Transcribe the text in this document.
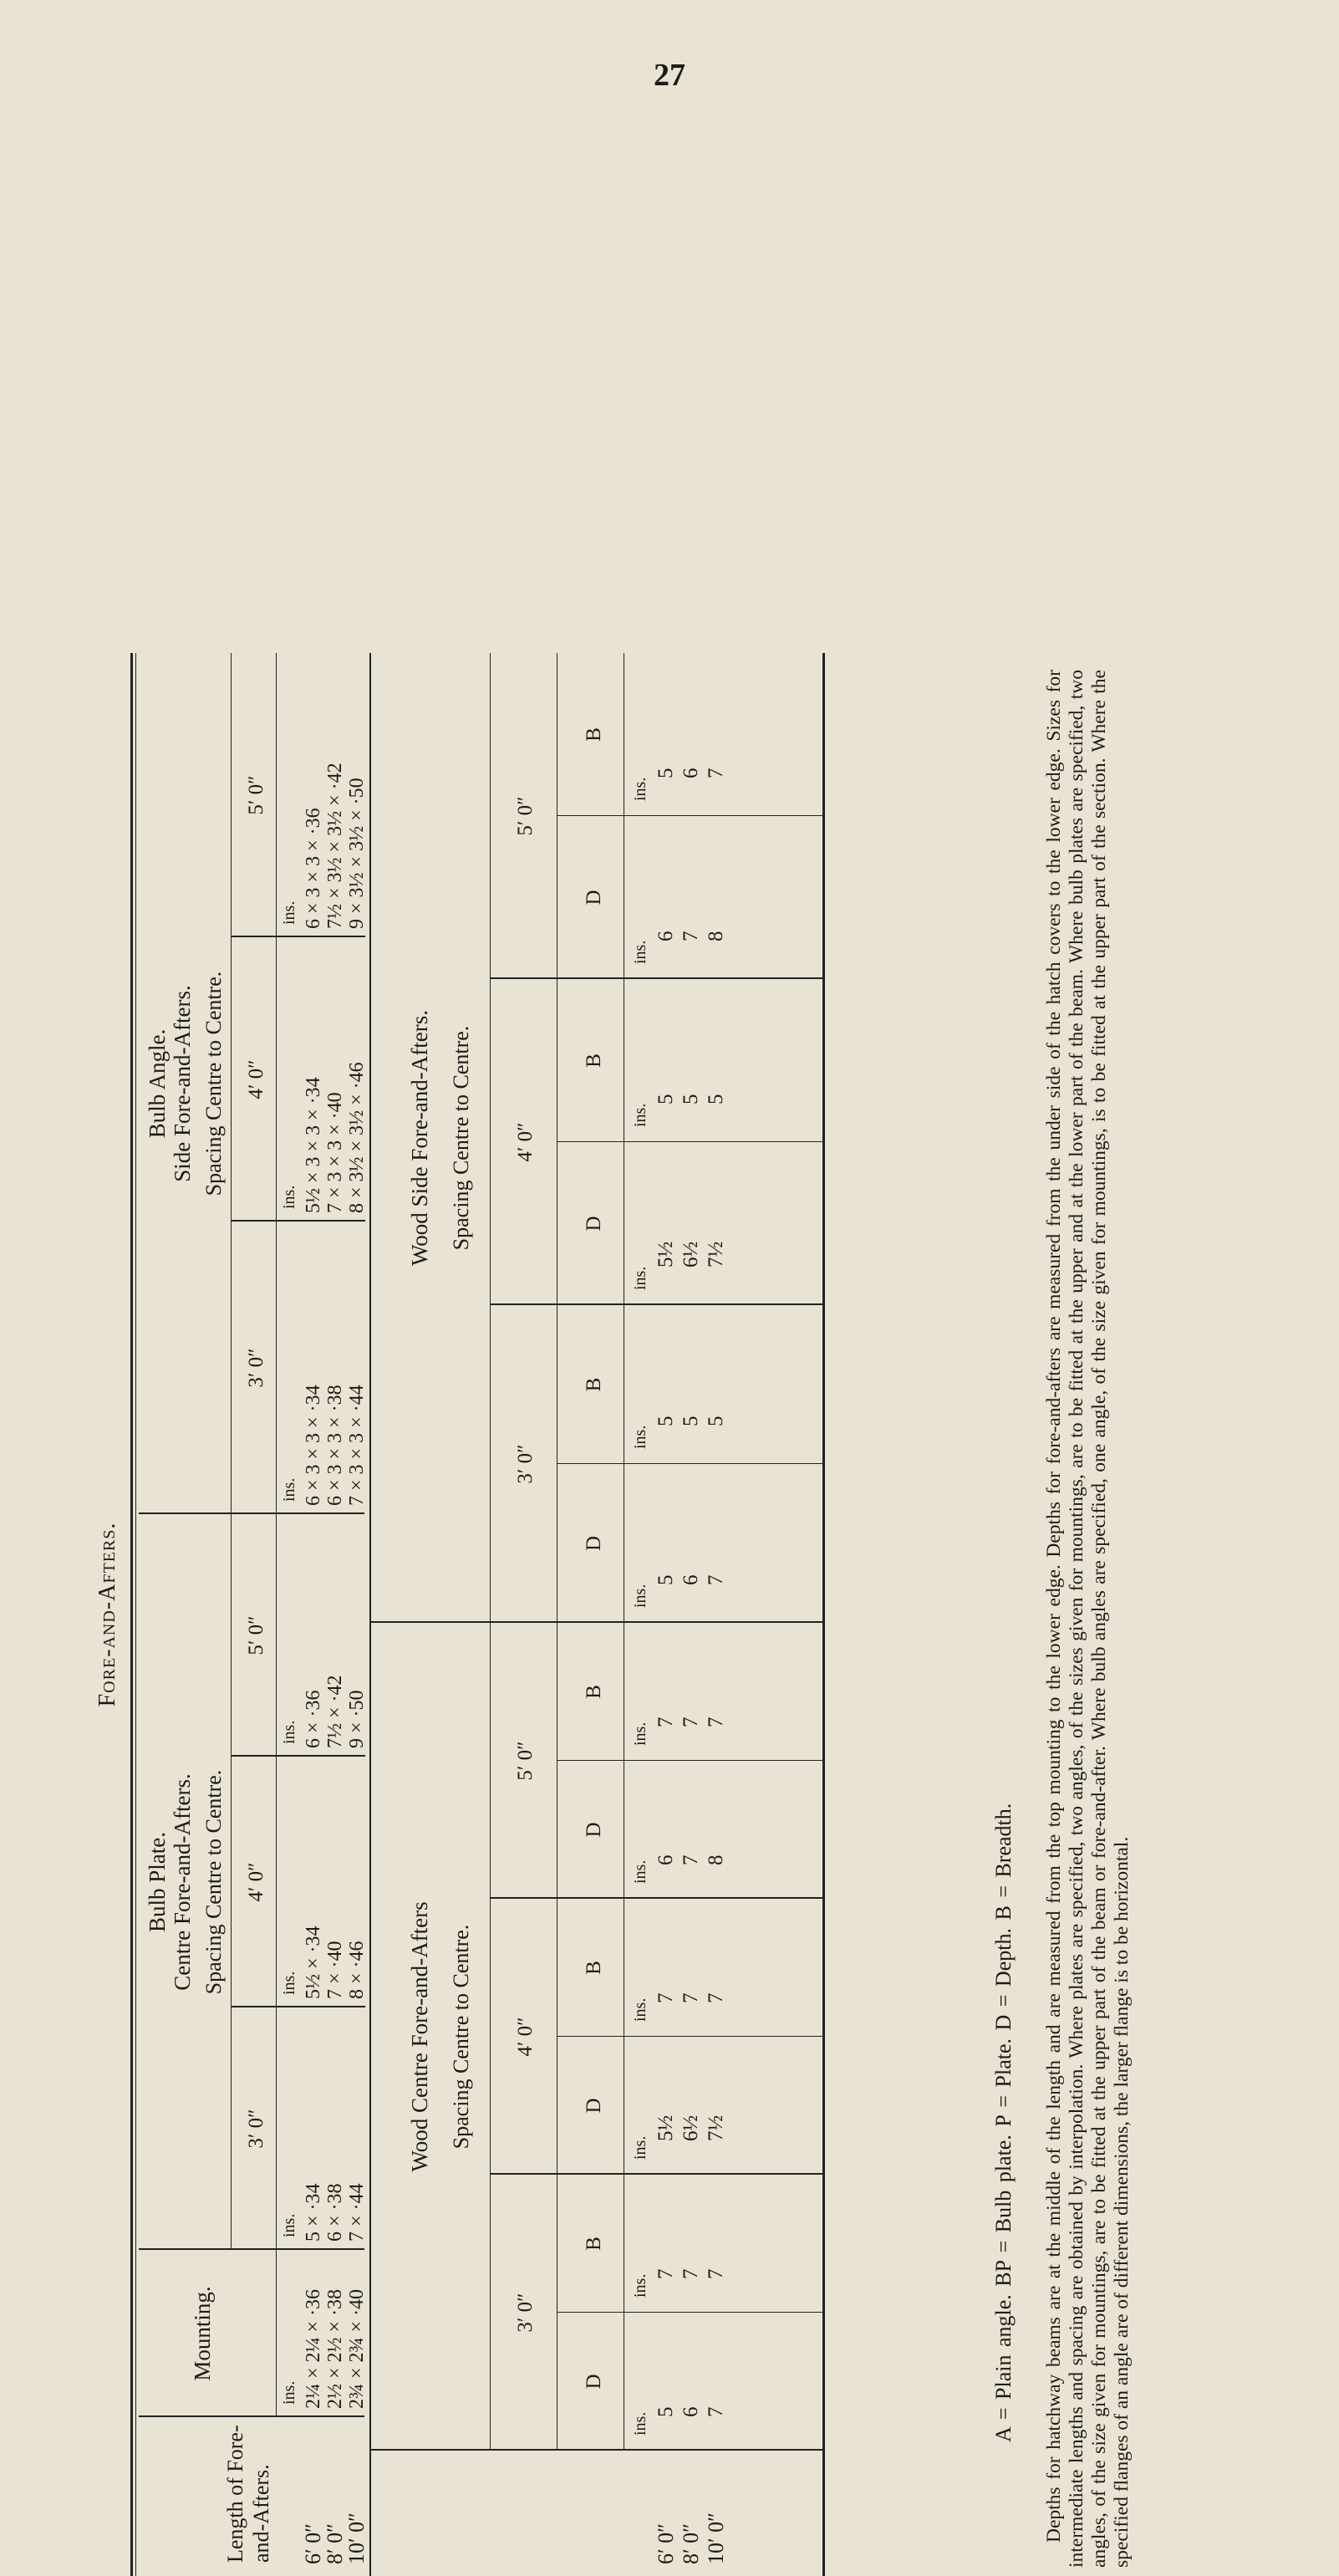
27
Fore-and-Afters.
Length of Fore-and-Afters.
Mounting.
Bulb Plate. Centre Fore-and-Afters. Spacing Centre to Centre.
Bulb Angle. Side Fore-and-Afters. Spacing Centre to Centre.
3′ 0″
4′ 0″
5′ 0″
3′ 0″
4′ 0″
5′ 0″
ins.
ins.
ins.
ins.
ins.
ins.
ins.
6′ 0″
8′ 0″
10′ 0″
2¼ × 2¼ × ·36 2½ × 2½ × ·38 2¾ × 2¾ × ·40
5 × ·34 6 × ·38 7 × ·44
5½ × ·34 7 × ·40 8 × ·46
6 × ·36 7½ × ·42 9 × ·50
6 × 3 × 3 × ·34 6 × 3 × 3 × ·38 7 × 3 × 3 × ·44
5½ × 3 × 3 × ·34 7 × 3 × 3 × ·40 8 × 3½ × 3½ × ·46
6 × 3 × 3 × ·36 7½ × 3½ × 3½ × ·42 9 × 3½ × 3½ × ·50
Wood Centre Fore-and-Afters
Wood Side Fore-and-Afters.
Spacing Centre to Centre.
Spacing Centre to Centre.
3′ 0″
4′ 0″
5′ 0″
3′ 0″
4′ 0″
5′ 0″
D
B
D
B
D
B
D
B
D
B
D
B
ins.
ins.
ins.
ins.
ins.
ins.
ins.
ins.
ins.
ins.
ins.
ins.
6′ 0″ 8′ 0″ 10′ 0″
5 6 7
7 7 7
5½ 6½ 7½
7 7 7
6 7 8
7 7 7
5 6 7
5 5 5
5½ 6½ 7½
5 5 5
6 7 8
5 6 7
A = Plain angle. BP = Bulb plate. P = Plate. D = Depth. B = Breadth. Depths for hatchway beams are at the middle of the length and are measured from the top mounting to the lower edge. Depths for fore-and-afters are measured from the under side of the hatch covers to the lower edge. Sizes for intermediate lengths and spacing are obtained by interpolation. Where plates are specified, two angles, of the sizes given for mountings, are to be fitted at the upper and at the lower part of the beam. Where bulb plates are specified, two angles, of the size given for mountings, are to be fitted at the upper part of the beam or fore-and-after. Where bulb angles are specified, one angle, of the size given for mountings, is to be fitted at the upper part of the section. Where the specified flanges of an angle are of different dimensions, the larger flange is to be horizontal.
